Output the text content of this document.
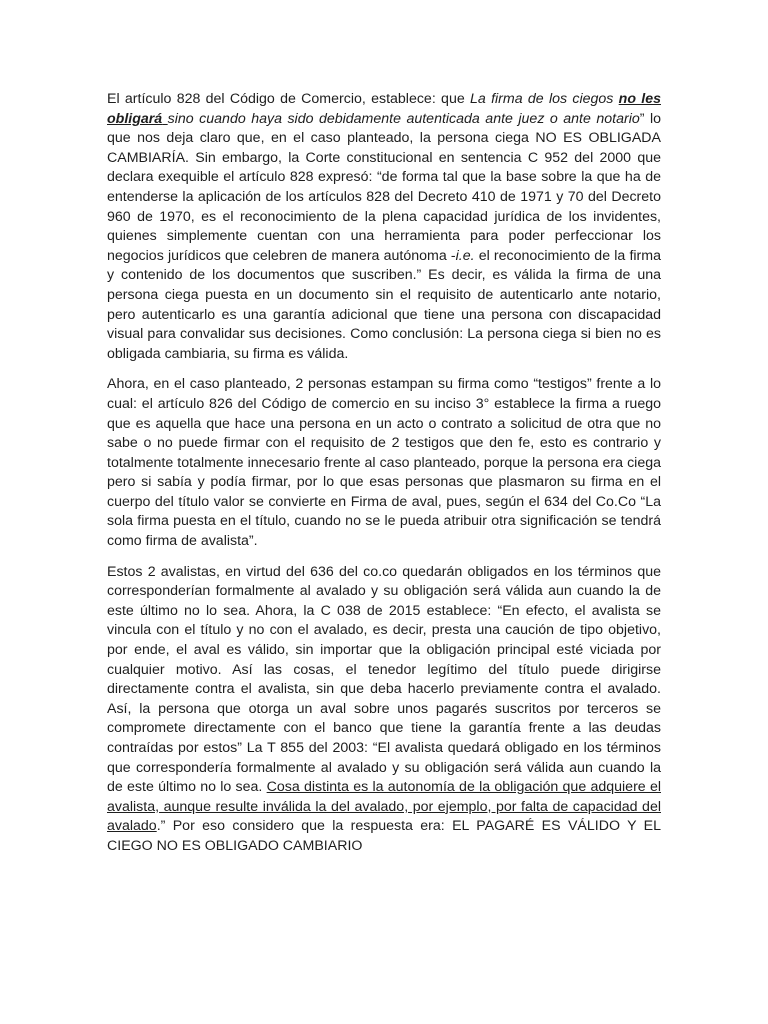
El artículo 828 del Código de Comercio, establece: que La firma de los ciegos no les obligará sino cuando haya sido debidamente autenticada ante juez o ante notario” lo que nos deja claro que, en el caso planteado, la persona ciega NO ES OBLIGADA CAMBIARÍA. Sin embargo, la Corte constitucional en sentencia C 952 del 2000 que declara exequible el artículo 828 expresó: “de forma tal que la base sobre la que ha de entenderse la aplicación de los artículos 828 del Decreto 410 de 1971 y 70 del Decreto 960 de 1970, es el reconocimiento de la plena capacidad jurídica de los invidentes, quienes simplemente cuentan con una herramienta para poder perfeccionar los negocios jurídicos que celebren de manera autónoma -i.e. el reconocimiento de la firma y contenido de los documentos que suscriben.” Es decir, es válida la firma de una persona ciega puesta en un documento sin el requisito de autenticarlo ante notario, pero autenticarlo es una garantía adicional que tiene una persona con discapacidad visual para convalidar sus decisiones. Como conclusión: La persona ciega si bien no es obligada cambiaria, su firma es válida.

Ahora, en el caso planteado, 2 personas estampan su firma como “testigos” frente a lo cual: el artículo 826 del Código de comercio en su inciso 3° establece la firma a ruego que es aquella que hace una persona en un acto o contrato a solicitud de otra que no sabe o no puede firmar con el requisito de 2 testigos que den fe, esto es contrario y totalmente totalmente innecesario frente al caso planteado, porque la persona era ciega pero si sabía y podía firmar, por lo que esas personas que plasmaron su firma en el cuerpo del título valor se convierte en Firma de aval, pues, según el 634 del Co.Co “La sola firma puesta en el título, cuando no se le pueda atribuir otra significación se tendrá como firma de avalista”.

Estos 2 avalistas, en virtud del 636 del co.co quedarán obligados en los términos que corresponderían formalmente al avalado y su obligación será válida aun cuando la de este último no lo sea. Ahora, la C 038 de 2015 establece: “En efecto, el avalista se vincula con el título y no con el avalado, es decir, presta una caución de tipo objetivo, por ende, el aval es válido, sin importar que la obligación principal esté viciada por cualquier motivo. Así las cosas, el tenedor legítimo del título puede dirigirse directamente contra el avalista, sin que deba hacerlo previamente contra el avalado. Así, la persona que otorga un aval sobre unos pagarés suscritos por terceros se compromete directamente con el banco que tiene la garantía frente a las deudas contraídas por estos” La T 855 del 2003: “El avalista quedará obligado en los términos que correspondería formalmente al avalado y su obligación será válida aun cuando la de este último no lo sea. Cosa distinta es la autonomía de la obligación que adquiere el avalista, aunque resulte inválida la del avalado, por ejemplo, por falta de capacidad del avalado.” Por eso considero que la respuesta era: EL PAGARÉ ES VÁLIDO Y EL CIEGO NO ES OBLIGADO CAMBIARIO
